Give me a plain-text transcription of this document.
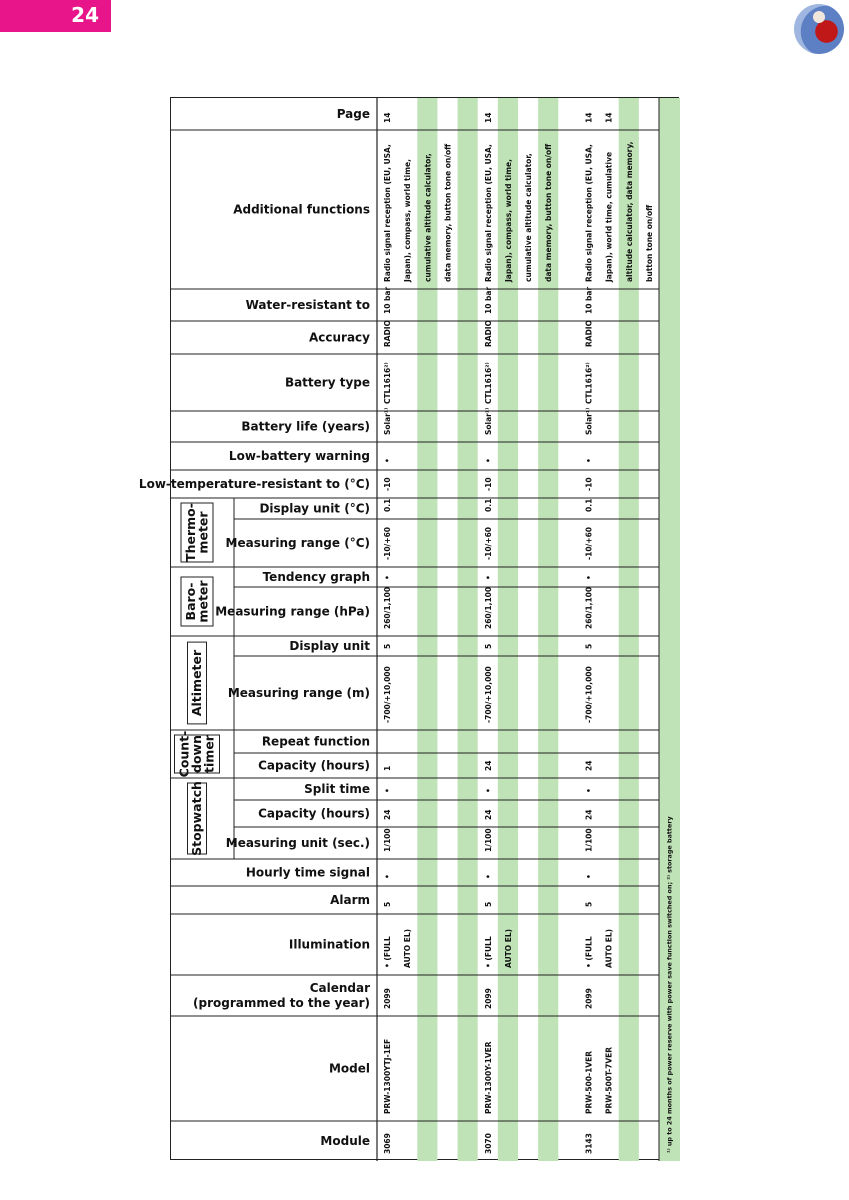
24
Thermo-
meter
Baro-
meter
Altimeter
Count-
down
timer
Stopwatch
Page
Additional functions
Water-resistant to
Accuracy
Battery type
Battery life (years)
Low-battery warning
Low-temperature-resistant to (°C)
Display unit (°C)
Measuring range (°C)
Tendency graph
Measuring range (hPa)
Display unit
Measuring range (m)
Repeat function
Capacity (hours)
Split time
Capacity (hours)
Measuring unit (sec.)
Hourly time signal
Alarm
Illumination
Calendar
(programmed to the year)
Model
Module
14
Radio signal reception (EU, USA,
10 bar
RADIO
CTL1616²⁾
Solar¹⁾
•
-10
0.1
-10/+60
•
260/1,100
5
-700/+10,000
1
•
24
1/100
•
5
• (FULL
2099
PRW-1300YTJ-1EF
3069
Japan), compass, world time,
AUTO EL)
cumulative altitude calculator, data memory, button tone on/off
14
Radio signal reception (EU, USA,
10 bar
RADIO
CTL1616²⁾
Solar¹⁾
•
-10
0.1
-10/+60
•
260/1,100
5
-700/+10,000
24
•
24
1/100
•
5
• (FULL
2099
PRW-1300Y-1VER
3070
Japan), compass, world time,
AUTO EL)
cumulative altitude calculator, data memory, button tone on/off
14
Radio signal reception (EU, USA,
10 bar
RADIO
CTL1616²⁾
Solar¹⁾
•
-10
0.1
-10/+60
•
260/1,100
5
-700/+10,000
24
•
24
1/100
•
5
• (FULL
2099
PRW-500-1VER
3143
14
Japan), world time, cumulative
AUTO EL)
PRW-500T-7VER
altitude calculator, data memory, button tone on/off
¹⁾ up to 24 months of power reserve with power save function switched on; ²⁾ storage battery
